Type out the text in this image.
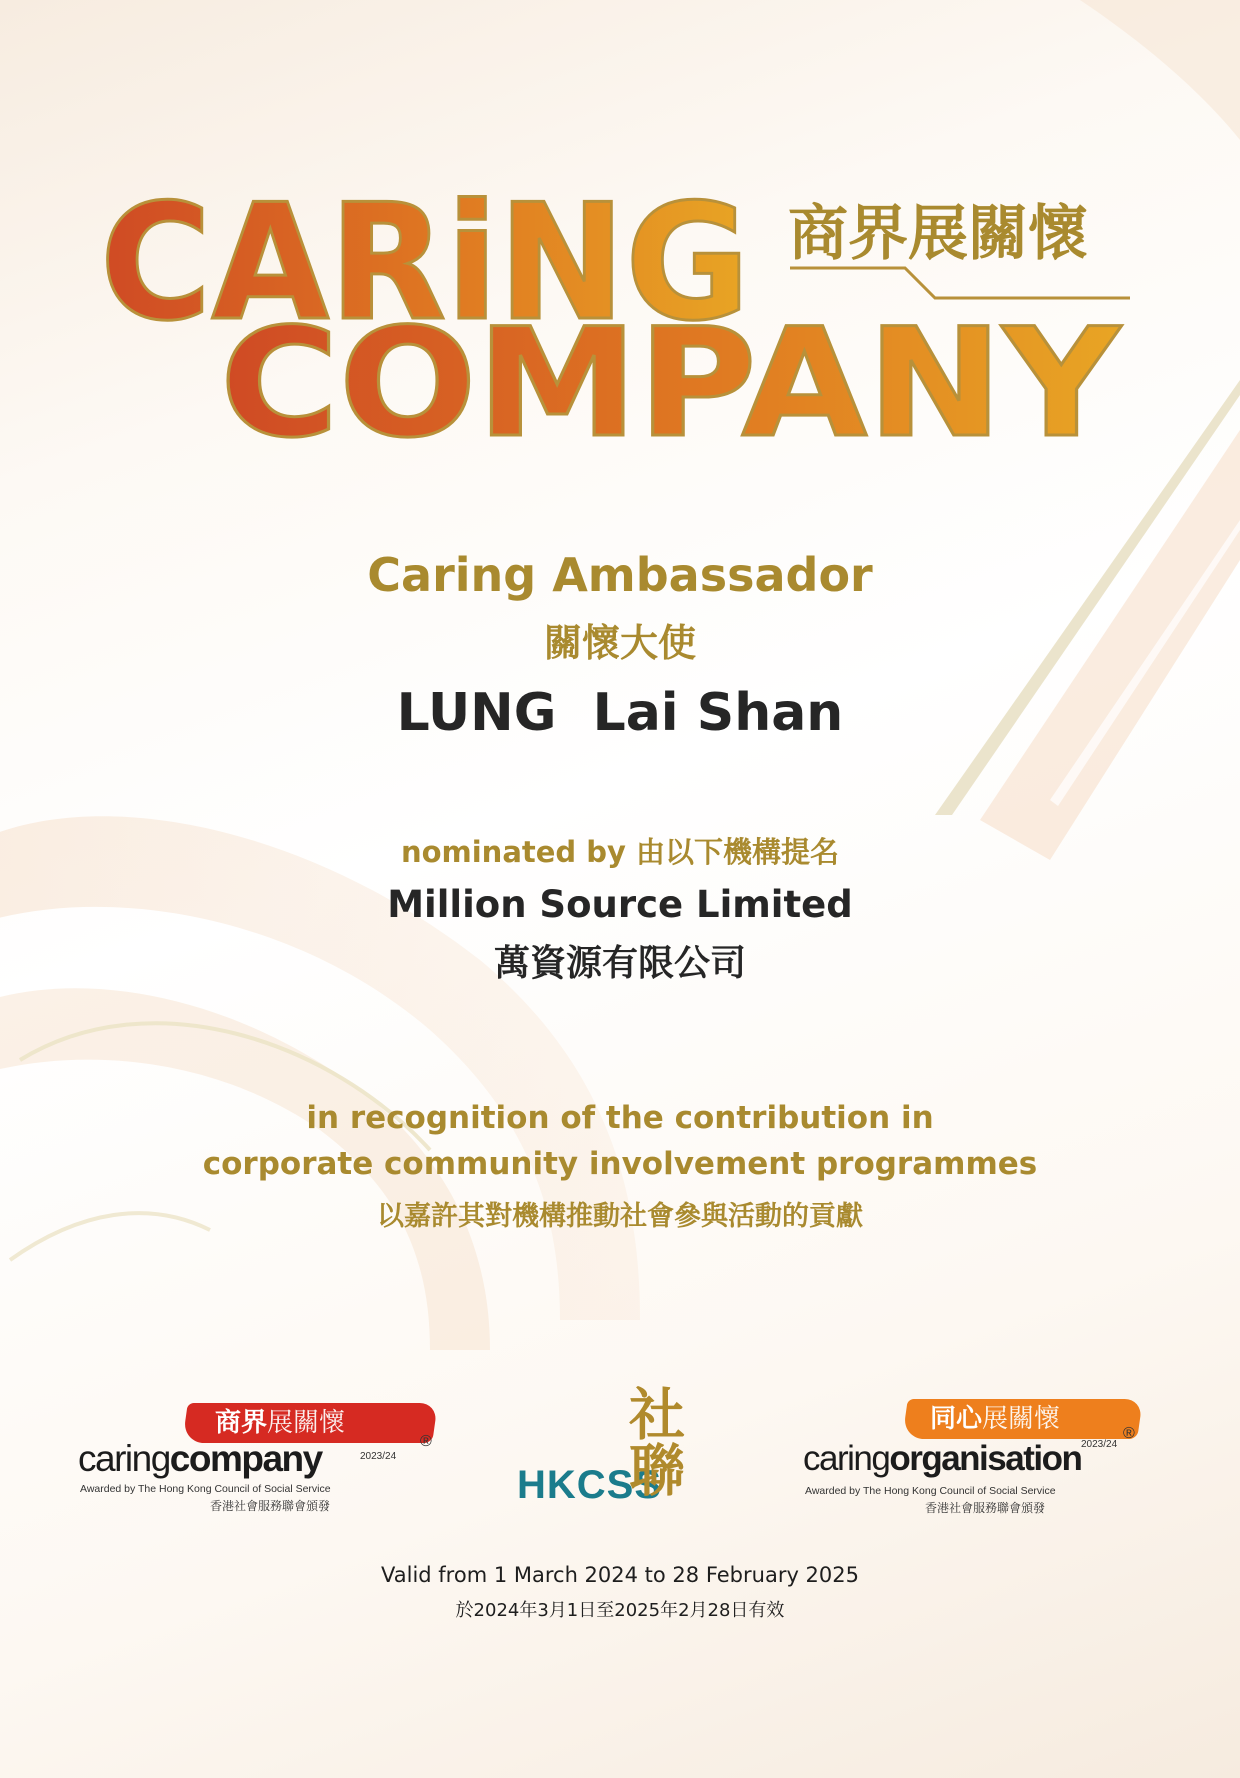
CARiNG
COMPANY
商界展關懷
Caring Ambassador
關懷大使
LUNG  Lai Shan
nominated by 由以下機構提名
Million Source Limited
萬資源有限公司
in recognition of the contribution in
corporate community involvement programmes
以嘉許其對機構推動社會參與活動的貢獻
商界展關懷
caringcompany	2023/24
®
Awarded by The Hong Kong Council of Social Service
香港社會服務聯會頒發	HKCSS
社聯	同心展關懷
caringorganisation 2023/24
®
Awarded by The Hong Kong Council of Social Service
香港社會服務聯會頒發
Valid from 1 March 2024 to 28 February 2025
於2024年3月1日至2025年2月28日有效
